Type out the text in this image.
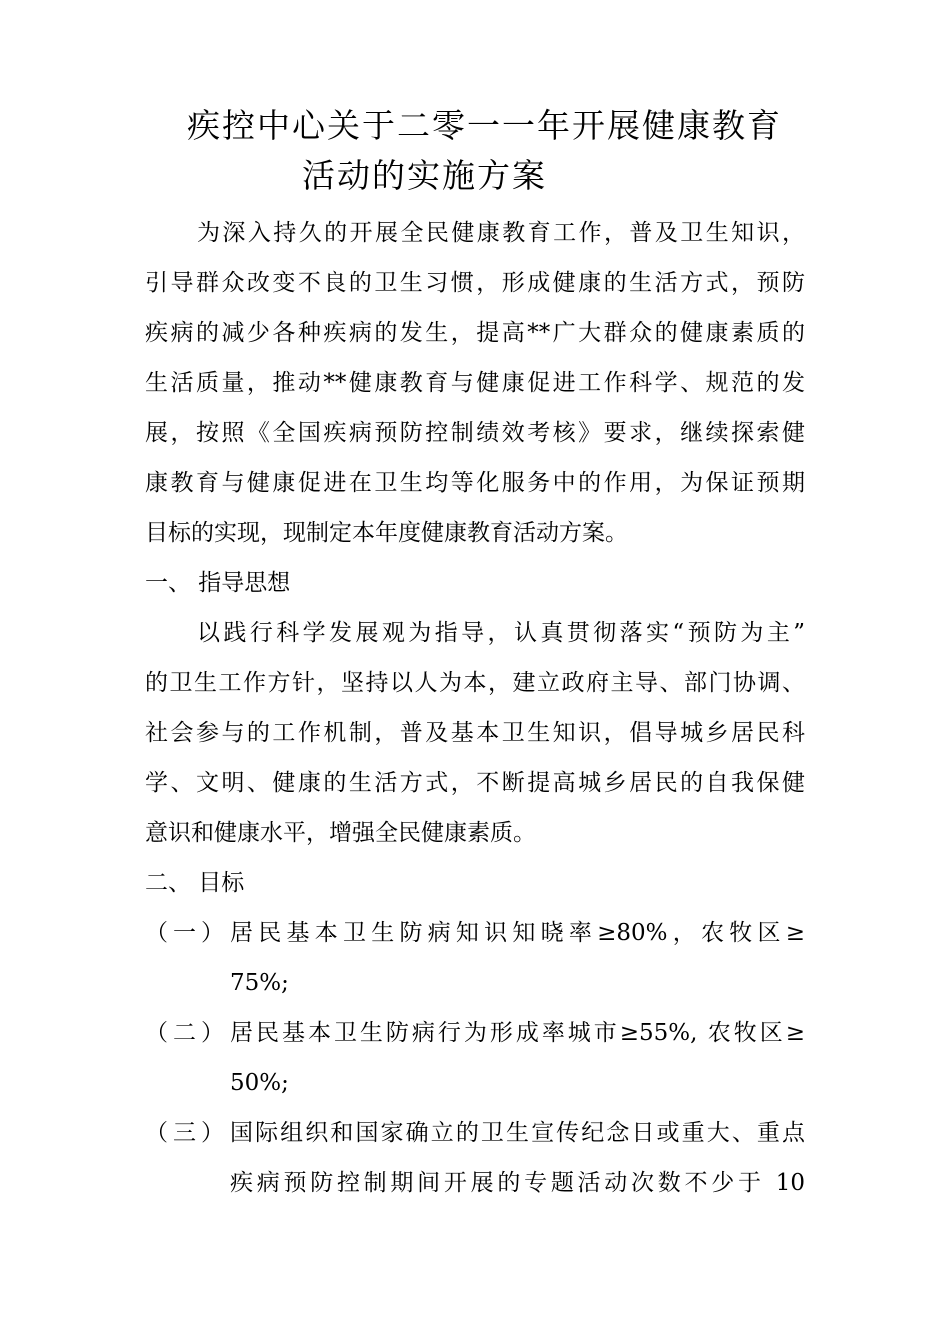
疾控中心关于二零一一年开展健康教育
活动的实施方案
为深入持久的开展全民健康教育工作，普及卫生知识，
引导群众改变不良的卫生习惯，形成健康的生活方式，预防
疾病的减少各种疾病的发生，提高**广大群众的健康素质的
生活质量，推动**健康教育与健康促进工作科学、规范的发
展，按照《全国疾病预防控制绩效考核》要求，继续探索健
康教育与健康促进在卫生均等化服务中的作用，为保证预期
目标的实现，现制定本年度健康教育活动方案。
一、 指导思想
以践行科学发展观为指导，认真贯彻落实“预防为主”
的卫生工作方针，坚持以人为本，建立政府主导、部门协调、
社会参与的工作机制，普及基本卫生知识，倡导城乡居民科
学、文明、健康的生活方式，不断提高城乡居民的自我保健
意识和健康水平，增强全民健康素质。
二、 目标
（一） 居民基本卫生防病知识知晓率≥80%，农牧区≥
75%;
（二） 居民基本卫生防病行为形成率城市≥55%, 农牧区≥
50%;
（三） 国际组织和国家确立的卫生宣传纪念日或重大、重点
疾病预防控制期间开展的专题活动次数不少于 10
